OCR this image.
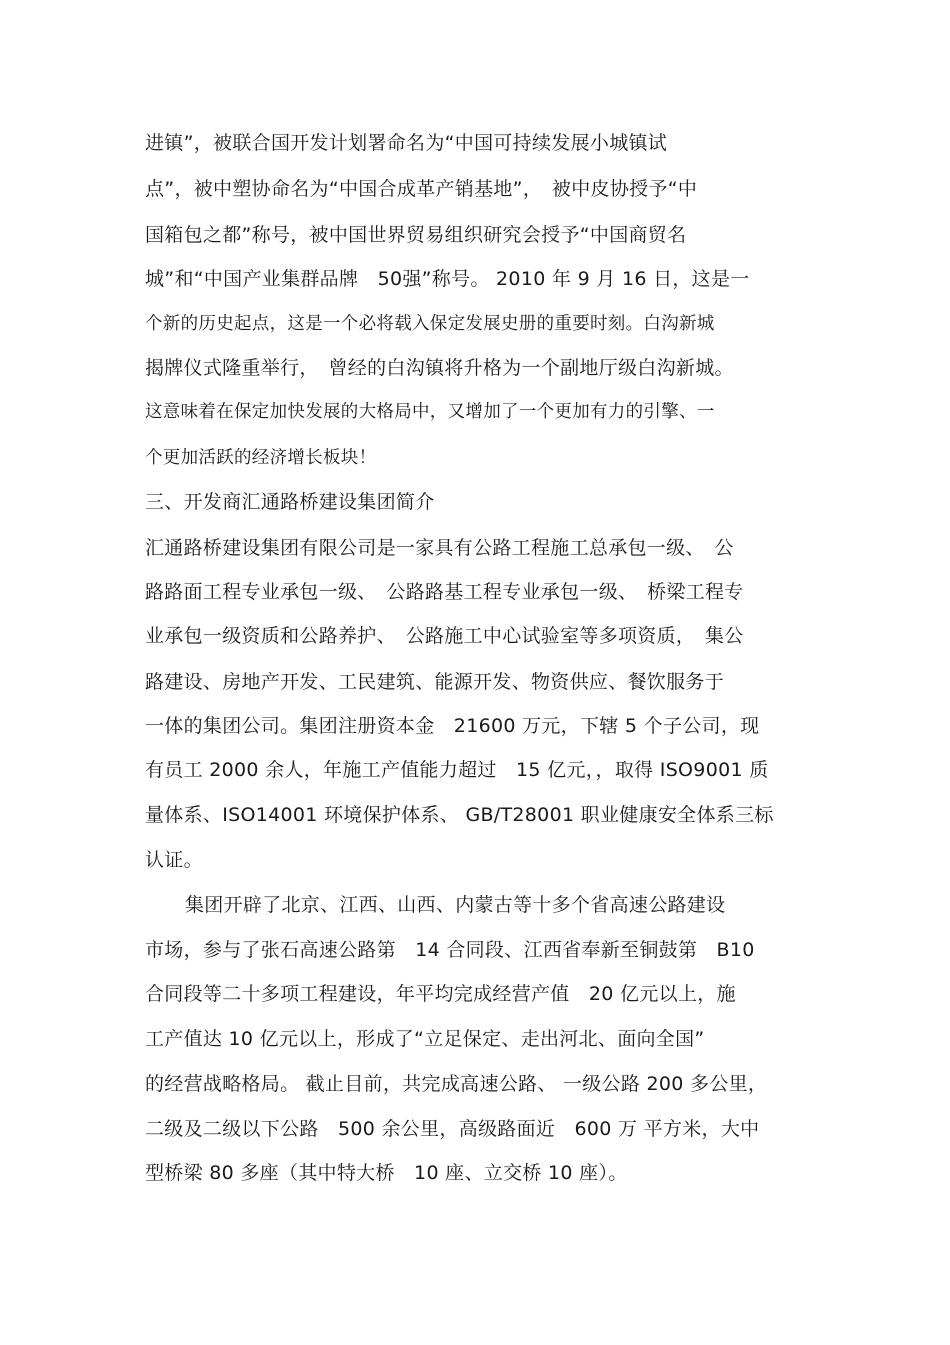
进镇”，被联合国开发计划署命名为“中国可持续发展小城镇试

点”，被中塑协命名为“中国合成革产销基地”，　被中皮协授予“中

国箱包之都”称号，被中国世界贸易组织研究会授予“中国商贸名

城”和“中国产业集群品牌　50强”称号。 2010 年 9 月 16 日，这是一

个新的历史起点，这是一个必将载入保定发展史册的重要时刻。白沟新城

揭牌仪式隆重举行，　曾经的白沟镇将升格为一个副地厅级白沟新城。

这意味着在保定加快发展的大格局中，又增加了一个更加有力的引擎、一

个更加活跃的经济增长板块！

三、开发商汇通路桥建设集团简介

汇通路桥建设集团有限公司是一家具有公路工程施工总承包一级、　公

路路面工程专业承包一级、　公路路基工程专业承包一级、　桥梁工程专

业承包一级资质和公路养护、　公路施工中心试验室等多项资质，　集公

路建设、房地产开发、工民建筑、能源开发、物资供应、餐饮服务于

一体的集团公司。集团注册资本金　21600 万元，下辖 5 个子公司，现

有员工 2000 余人，年施工产值能力超过　15 亿元，，取得 ISO9001 质

量体系、ISO14001 环境保护体系、 GB/T28001 职业健康安全体系三标

认证。

集团开辟了北京、江西、山西、内蒙古等十多个省高速公路建设

市场，参与了张石高速公路第　14 合同段、江西省奉新至铜鼓第　B10

合同段等二十多项工程建设，年平均完成经营产值　20 亿元以上，施

工产值达 10 亿元以上，形成了“立足保定、走出河北、面向全国”

的经营战略格局。 截止目前，共完成高速公路、 一级公路 200 多公里，

二级及二级以下公路　500 余公里，高级路面近　600 万 平方米，大中

型桥梁 80 多座（其中特大桥　10 座、立交桥 10 座）。
